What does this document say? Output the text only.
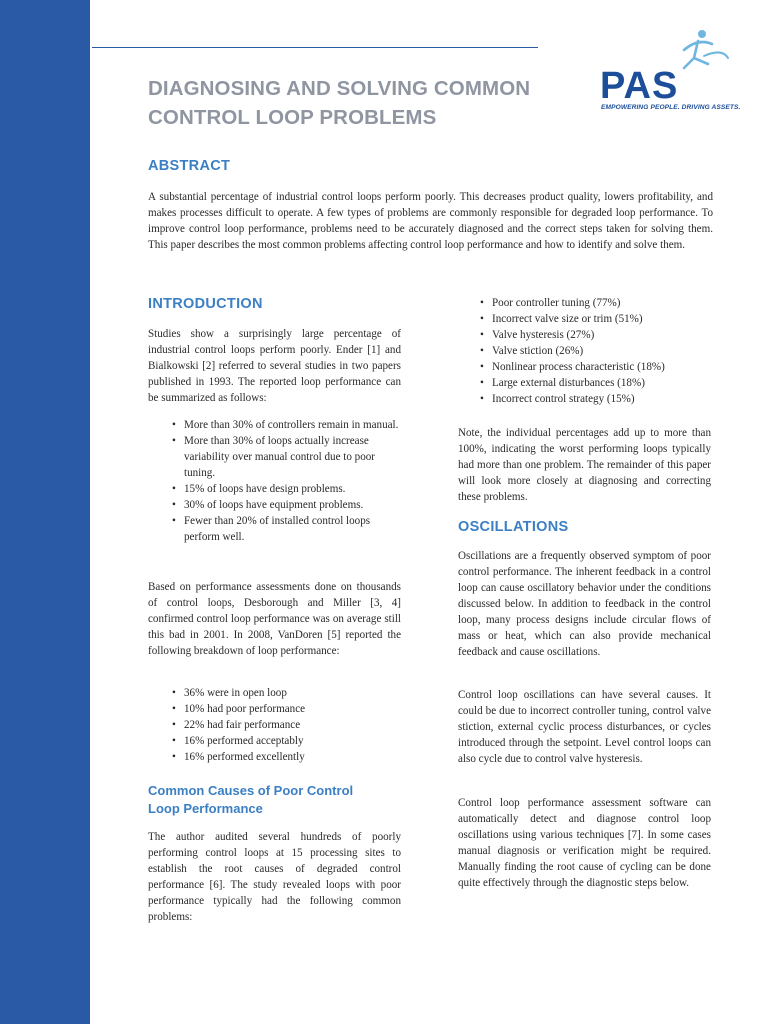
DIAGNOSING AND SOLVING COMMON
CONTROL LOOP PROBLEMS
PAS
EMPOWERING PEOPLE. DRIVING ASSETS.
ABSTRACT

A substantial percentage of industrial control loops perform poorly. This decreases product quality, lowers profitability, and makes processes difficult to operate. A few types of problems are commonly responsible for degraded loop performance. To improve control loop performance, problems need to be accurately diagnosed and the correct steps taken for solving them. This paper describes the most common problems affecting control loop performance and how to identify and solve them.

INTRODUCTION

Studies show a surprisingly large percentage of industrial control loops perform poorly. Ender [1] and Bialkowski [2] referred to several studies in two papers published in 1993. The reported loop performance can be summarized as follows:

• More than 30% of controllers remain in manual.
• More than 30% of loops actually increase variability over manual control due to poor tuning.
• 15% of loops have design problems.
• 30% of loops have equipment problems.
• Fewer than 20% of installed control loops perform well.

Based on performance assessments done on thousands of control loops, Desborough and Miller [3, 4] confirmed control loop performance was on average still this bad in 2001. In 2008, VanDoren [5] reported the following breakdown of loop performance:

• 36% were in open loop
• 10% had poor performance
• 22% had fair performance
• 16% performed acceptably
• 16% performed excellently
Common Causes of Poor Control
Loop Performance

The author audited several hundreds of poorly performing control loops at 15 processing sites to establish the root causes of degraded control performance [6]. The study revealed loops with poor performance typically had the following common problems:

• Poor controller tuning (77%)
• Incorrect valve size or trim (51%)
• Valve hysteresis (27%)
• Valve stiction (26%)
• Nonlinear process characteristic (18%)
• Large external disturbances (18%)
• Incorrect control strategy (15%)

Note, the individual percentages add up to more than 100%, indicating the worst performing loops typically had more than one problem. The remainder of this paper will look more closely at diagnosing and correcting these problems.

OSCILLATIONS

Oscillations are a frequently observed symptom of poor control performance. The inherent feedback in a control loop can cause oscillatory behavior under the conditions discussed below. In addition to feedback in the control loop, many process designs include circular flows of mass or heat, which can also provide mechanical feedback and cause oscillations.

Control loop oscillations can have several causes. It could be due to incorrect controller tuning, control valve stiction, external cyclic process disturbances, or cycles introduced through the setpoint. Level control loops can also cycle due to control valve hysteresis.

Control loop performance assessment software can automatically detect and diagnose control loop oscillations using various techniques [7]. In some cases manual diagnosis or verification might be required. Manually finding the root cause of cycling can be done quite effectively through the diagnostic steps below.
